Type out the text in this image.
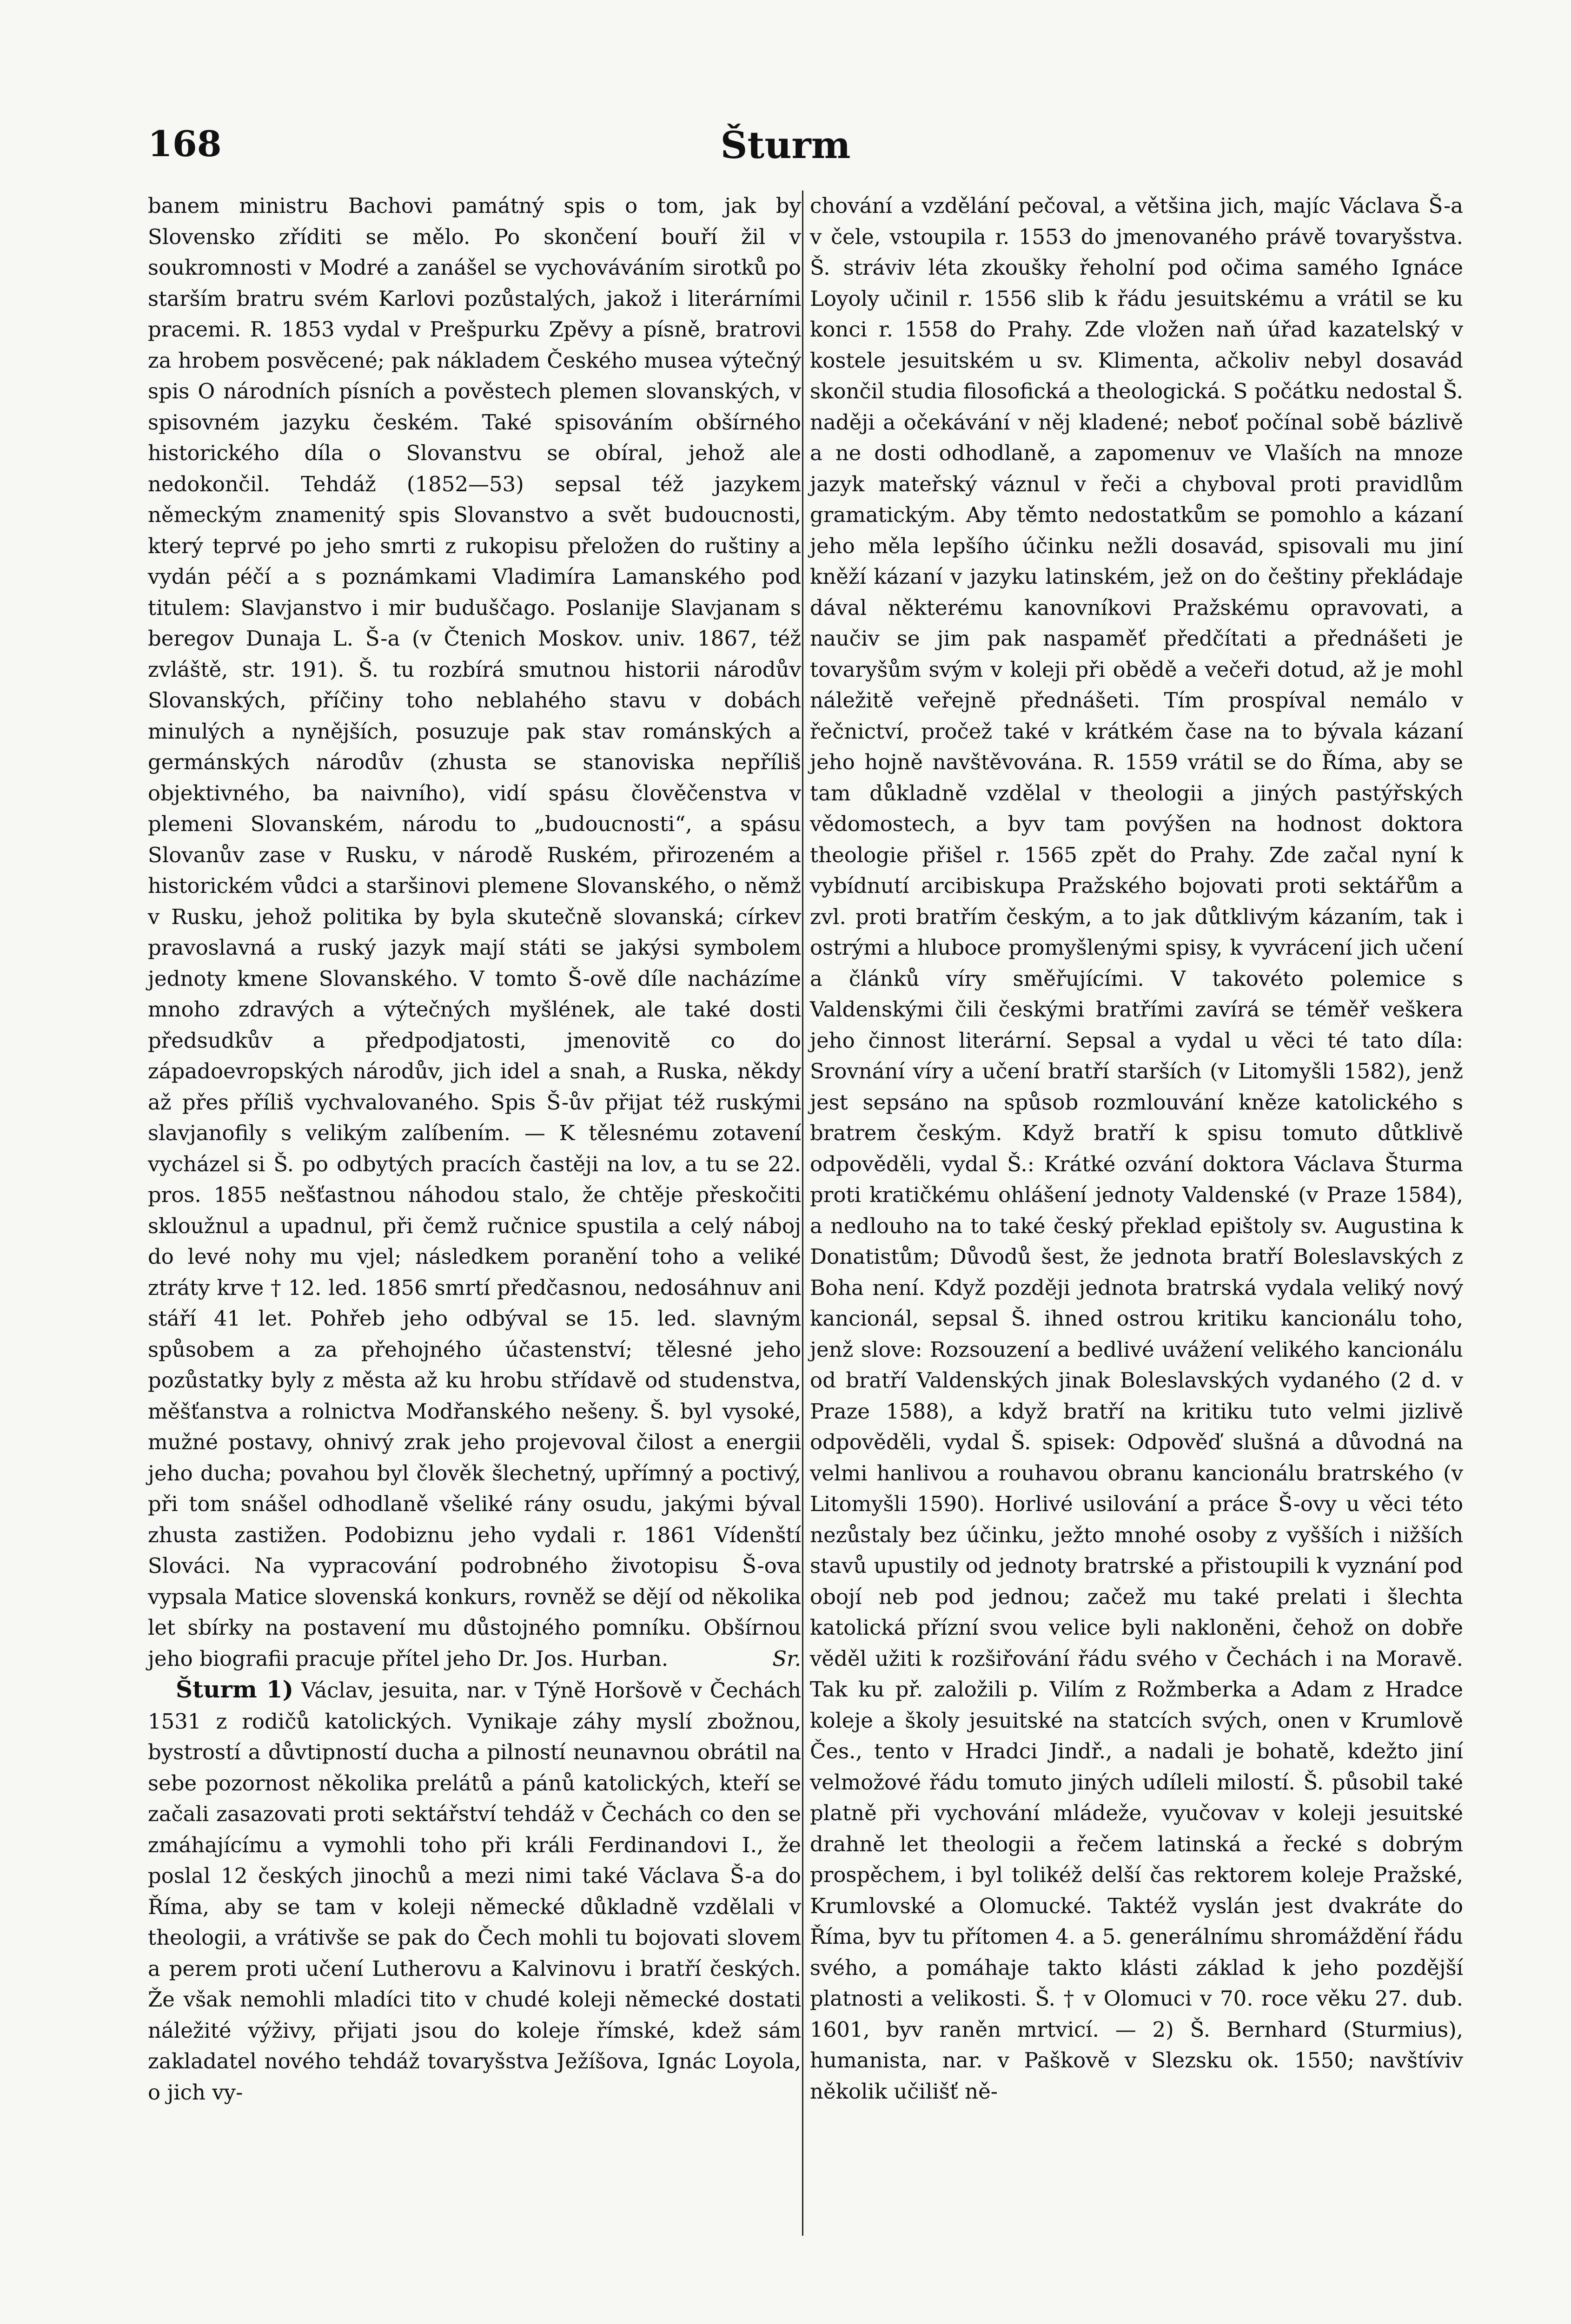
Šturm
168

banem ministru Bachovi památný spis o tom, jak by Slovensko zříditi se mělo. Po skončení bouří žil v soukromnosti v Modré a zanášel se vychováváním sirotků po starším bratru svém Karlovi pozůstalých, jakož i literárními pracemi. R. 1853 vydal v Prešpurku Zpěvy a písně, bratrovi za hrobem posvěcené; pak nákladem Českého musea výtečný spis O národních písních a pověstech plemen slovanských, v spisovném jazyku českém. Také spisováním obšírného historického díla o Slovanstvu se obíral, jehož ale nedokončil. Tehdáž (1852—53) sepsal též jazykem německým znamenitý spis Slovanstvo a svět budoucnosti, který teprvé po jeho smrti z rukopisu přeložen do ruštiny a vydán péčí a s poznámkami Vladimíra Lamanského pod titulem: Slavjanstvo i mir buduščago. Poslanije Slavjanam s beregov Dunaja L. Š-a (v Čtenich Moskov. univ. 1867, též zvláště, str. 191). Š. tu rozbírá smutnou historii národův Slovanských, příčiny toho neblahého stavu v dobách minulých a nynějších, posuzuje pak stav románských a germánských národův (zhusta se stanoviska nepříliš objektivného, ba naivního), vidí spásu člověčenstva v plemeni Slovanském, národu to „budoucnosti“, a spásu Slovanův zase v Rusku, v národě Ruském, přirozeném a historickém vůdci a staršinovi plemene Slovanského, o němž v Rusku, jehož politika by byla skutečně slovanská; církev pravoslavná a ruský jazyk mají státi se jakýsi symbolem jednoty kmene Slovanského. V tomto Š-ově díle nacházíme mnoho zdravých a výtečných myšlének, ale také dosti předsudkův a předpodjatosti, jmenovitě co do západoevropských národův, jich idel a snah, a Ruska, někdy až přes příliš vychvalovaného. Spis Š-ův přijat též ruskými slavjanofily s velikým zalíbením. — K tělesnému zotavení vycházel si Š. po odbytých pracích častěji na lov, a tu se 22. pros. 1855 nešťastnou náhodou stalo, že chtěje přeskočiti skloužnul a upadnul, při čemž ručnice spustila a celý náboj do levé nohy mu vjel; následkem poranění toho a veliké ztráty krve † 12. led. 1856 smrtí předčasnou, nedosáhnuv ani stáří 41 let. Pohřeb jeho odbýval se 15. led. slavným spůsobem a za přehojného účastenství; tělesné jeho pozůstatky byly z města až ku hrobu střídavě od studenstva, měšťanstva a rolnictva Modřanského nešeny. Š. byl vysoké, mužné postavy, ohnivý zrak jeho projevoval čilost a energii jeho ducha; povahou byl člověk šlechetný, upřímný a poctivý, při tom snášel odhodlaně všeliké rány osudu, jakými býval zhusta zastižen. Podobiznu jeho vydali r. 1861 Vídenští Slováci. Na vypracování podrobného životopisu Š-ova vypsala Matice slovenská konkurs, rovněž se dějí od několika let sbírky na postavení mu důstojného pomníku. Obšírnou jeho biografii pracuje přítel jeho Dr. Jos. Hurban.	Sr.

Šturm 1) Václav, jesuita, nar. v Týně Horšově v Čechách 1531 z rodičů katolických. Vynikaje záhy myslí zbožnou, bystrostí a důvtipností ducha a pilností neunavnou obrátil na sebe pozornost několika prelátů a pánů katolických, kteří se začali zasazovati proti sektářství tehdáž v Čechách co den se zmáhajícímu a vymohli toho při králi Ferdinandovi I., že poslal 12 českých jinochů a mezi nimi také Václava Š-a do Říma, aby se tam v koleji německé důkladně vzdělali v theologii, a vrátivše se pak do Čech mohli tu bojovati slovem a perem proti učení Lutherovu a Kalvinovu i bratří českých. Že však nemohli mladíci tito v chudé koleji německé dostati náležité výživy, přijati jsou do koleje římské, kdež sám zakladatel nového tehdáž tovaryšstva Ježíšova, Ignác Loyola, o jich vy-

chování a vzdělání pečoval, a většina jich, majíc Václava Š-a v čele, vstoupila r. 1553 do jmenovaného právě tovaryšstva. Š. stráviv léta zkoušky řeholní pod očima samého Ignáce Loyoly učinil r. 1556 slib k řádu jesuitskému a vrátil se ku konci r. 1558 do Prahy. Zde vložen naň úřad kazatelský v kostele jesuitském u sv. Klimenta, ačkoliv nebyl dosavád skončil studia filosofická a theologická. S počátku nedostal Š. naději a očekávání v něj kladené; neboť počínal sobě bázlivě a ne dosti odhodlaně, a zapomenuv ve Vlaších na mnoze jazyk mateřský váznul v řeči a chyboval proti pravidlům gramatickým. Aby těmto nedostatkům se pomohlo a kázaní jeho měla lepšího účinku nežli dosavád, spisovali mu jiní kněží kázaní v jazyku latinském, jež on do češtiny překládaje dával některému kanovníkovi Pražskému opravovati, a naučiv se jim pak naspaměť předčítati a přednášeti je tovaryšům svým v koleji při obědě a večeři dotud, až je mohl náležitě veřejně přednášeti. Tím prospíval nemálo v řečnictví, pročež také v krátkém čase na to bývala kázaní jeho hojně navštěvována. R. 1559 vrátil se do Říma, aby se tam důkladně vzdělal v theologii a jiných pastýřských vědomostech, a byv tam povýšen na hodnost doktora theologie přišel r. 1565 zpět do Prahy. Zde začal nyní k vybídnutí arcibiskupa Pražského bojovati proti sektářům a zvl. proti bratřím českým, a to jak důtklivým kázaním, tak i ostrými a hluboce promyšlenými spisy, k vyvrácení jich učení a článků víry směřujícími. V takovéto polemice s Valdenskými čili českými bratřími zavírá se téměř veškera jeho činnost literární. Sepsal a vydal u věci té tato díla: Srovnání víry a učení bratří starších (v Litomyšli 1582), jenž jest sepsáno na spůsob rozmlouvání kněze katolického s bratrem českým. Když bratří k spisu tomuto důtklivě odpověděli, vydal Š.: Krátké ozvání doktora Václava Šturma proti kratičkému ohlášení jednoty Valdenské (v Praze 1584), a nedlouho na to také český překlad epištoly sv. Augustina k Donatistům; Důvodů šest, že jednota bratří Boleslavských z Boha není. Když později jednota bratrská vydala veliký nový kancionál, sepsal Š. ihned ostrou kritiku kancionálu toho, jenž slove: Rozsouzení a bedlivé uvážení velikého kancionálu od bratří Valdenských jinak Boleslavských vydaného (2 d. v Praze 1588), a když bratří na kritiku tuto velmi jizlivě odpověděli, vydal Š. spisek: Odpověď slušná a důvodná na velmi hanlivou a rouhavou obranu kancionálu bratrského (v Litomyšli 1590). Horlivé usilování a práce Š-ovy u věci této nezůstaly bez účinku, ježto mnohé osoby z vyšších i nižších stavů upustily od jednoty bratrské a přistoupili k vyznání pod obojí neb pod jednou; začež mu také prelati i šlechta katolická přízní svou velice byli nakloněni, čehož on dobře věděl užiti k rozšiřování řádu svého v Čechách i na Moravě. Tak ku př. založili p. Vilím z Rožmberka a Adam z Hradce koleje a školy jesuitské na statcích svých, onen v Krumlově Čes., tento v Hradci Jindř., a nadali je bohatě, kdežto jiní velmožové řádu tomuto jiných udíleli milostí. Š. působil také platně při vychování mládeže, vyučovav v koleji jesuitské drahně let theologii a řečem latinská a řecké s dobrým prospěchem, i byl tolikéž delší čas rektorem koleje Pražské, Krumlovské a Olomucké. Taktéž vyslán jest dvakráte do Říma, byv tu přítomen 4. a 5. generálnímu shromáždění řádu svého, a pomáhaje takto klásti základ k jeho pozdější platnosti a velikosti. Š. † v Olomuci v 70. roce věku 27. dub. 1601, byv raněn mrtvicí. — 2) Š. Bernhard (Sturmius), humanista, nar. v Paškově v Slezsku ok. 1550; navštíviv několik učilišť ně-
